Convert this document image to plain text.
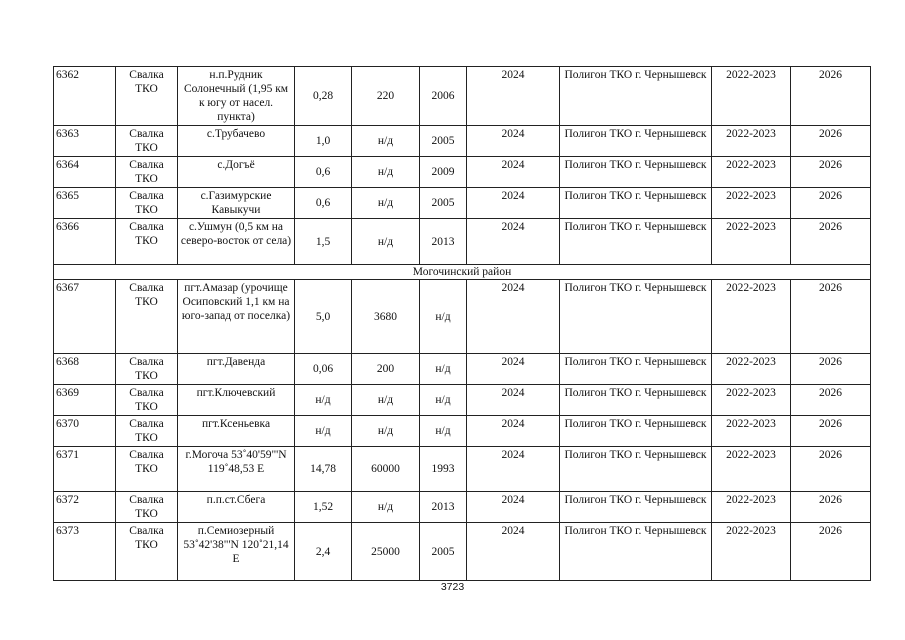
6362	Свалка ТКО	н.п.Рудник Солонечный (1,95 км к югу от насел. пункта)	0,28	220	2006	2024	Полигон ТКО г. Чернышевск	2022-2023	2026
6363	Свалка ТКО	с.Трубачево	1,0	н/д	2005	2024	Полигон ТКО г. Чернышевск	2022-2023	2026
6364	Свалка ТКО	с.Догъё	0,6	н/д	2009	2024	Полигон ТКО г. Чернышевск	2022-2023	2026
6365	Свалка ТКО	с.Газимурские Кавыкучи	0,6	н/д	2005	2024	Полигон ТКО г. Чернышевск	2022-2023	2026
6366	Свалка ТКО	с.Ушмун (0,5 км на северо-восток от села)	1,5	н/д	2013	2024	Полигон ТКО г. Чернышевск	2022-2023	2026
Могочинский район									
6367	Свалка ТКО	пгт.Амазар (урочище Осиповский 1,1 км на юго-запад от поселка)	5,0	3680	н/д	2024	Полигон ТКО г. Чернышевск	2022-2023	2026
6368	Свалка ТКО	пгт.Давенда	0,06	200	н/д	2024	Полигон ТКО г. Чернышевск	2022-2023	2026
6369	Свалка ТКО	пгт.Ключевский	н/д	н/д	н/д	2024	Полигон ТКО г. Чернышевск	2022-2023	2026
6370	Свалка ТКО	пгт.Ксеньевка	н/д	н/д	н/д	2024	Полигон ТКО г. Чернышевск	2022-2023	2026
6371	Свалка ТКО	г.Могоча 53˚40'59"'N 119˚48,53 E	14,78	60000	1993	2024	Полигон ТКО г. Чернышевск	2022-2023	2026
6372	Свалка ТКО	п.п.ст.Сбега	1,52	н/д	2013	2024	Полигон ТКО г. Чернышевск	2022-2023	2026
6373	Свалка ТКО	п.Семиозерный 53˚42'38"'N 120˚21,14 E	2,4	25000	2005	2024	Полигон ТКО г. Чернышевск	2022-2023	2026
3723
